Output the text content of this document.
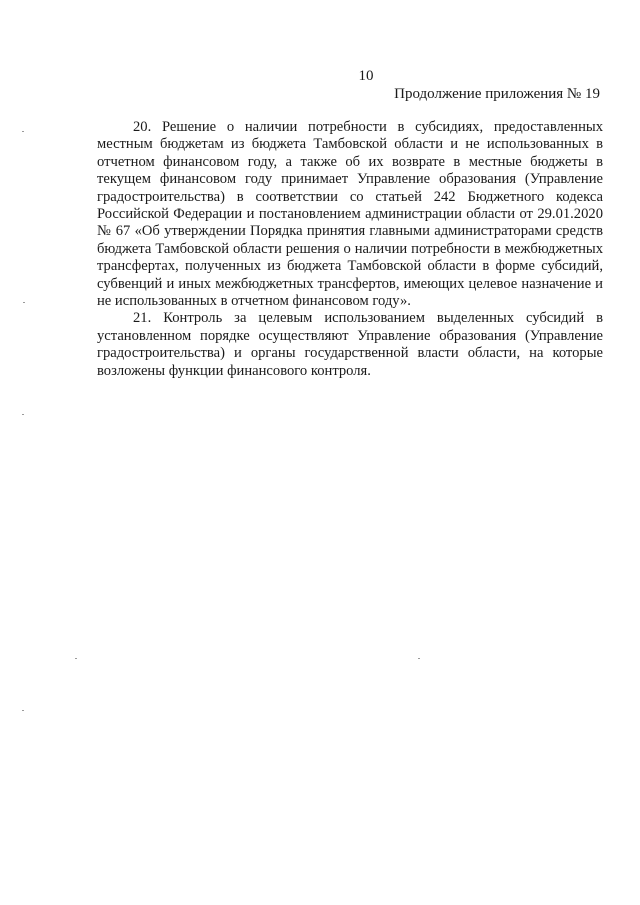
10
Продолжение приложения № 19

20. Решение о наличии потребности в субсидиях, предоставленных местным бюджетам из бюджета Тамбовской области и не использованных в отчетном финансовом году, а также об их возврате в местные бюджеты в текущем финансовом году принимает Управление образования (Управление градостроительства) в соответствии со статьей 242 Бюджетного кодекса Российской Федерации и постановлением администрации области от 29.01.2020 № 67 «Об утверждении Порядка принятия главными администраторами средств бюджета Тамбовской области решения о наличии потребности в межбюджетных трансфертах, полученных из бюджета Тамбовской области в форме субсидий, субвенций и иных межбюджетных трансфертов, имеющих целевое назначение и не использованных в отчетном финансовом году».

21. Контроль за целевым использованием выделенных субсидий в установленном порядке осуществляют Управление образования (Управление градостроительства) и органы государственной власти области, на которые возложены функции финансового контроля.
